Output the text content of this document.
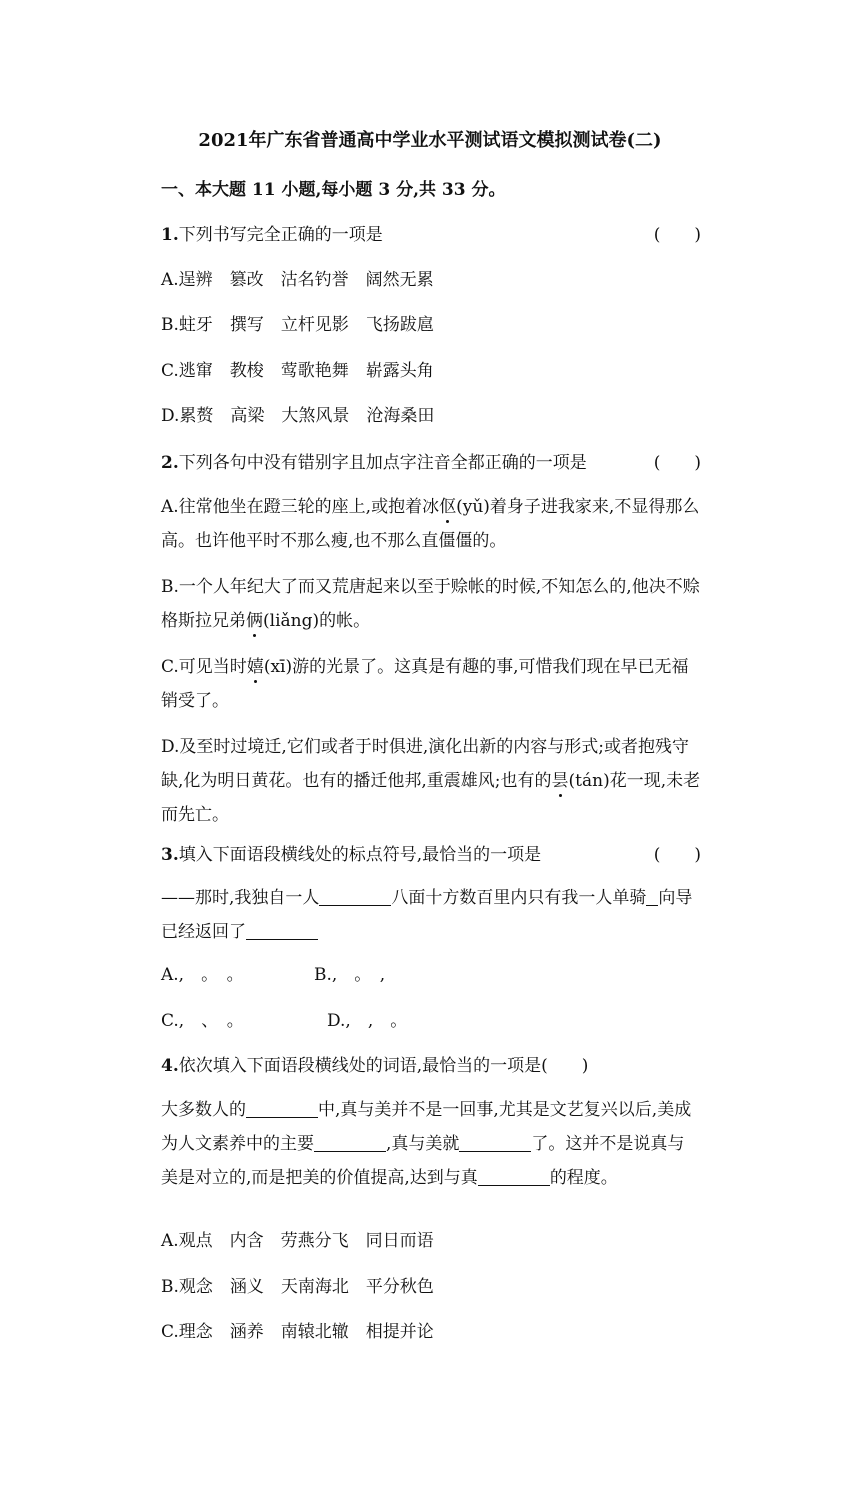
2021年广东省普通高中学业水平测试语文模拟测试卷(二)
一、本大题 11 小题,每小题 3 分,共 33 分。
1.下列书写完全正确的一项是	(　　)
A.逞辨　篡改　沽名钓誉　阔然无累
B.蛀牙　撰写　立杆见影　飞扬跋扈
C.逃窜　教梭　莺歌艳舞　崭露头角
D.累赘　高梁　大煞风景　沧海桑田
2.下列各句中没有错别字且加点字注音全都正确的一项是	(　　)
A.往常他坐在蹬三轮的座上,或抱着冰伛(yǔ)着身子进我家来,不显得那么高。也许他平时不那么瘦,也不那么直僵僵的。
B.一个人年纪大了而又荒唐起来以至于赊帐的时候,不知怎么的,他决不赊格斯拉兄弟俩(liǎng)的帐。
C.可见当时嬉(xī)游的光景了。这真是有趣的事,可惜我们现在早已无福销受了。
D.及至时过境迁,它们或者于时俱进,演化出新的内容与形式;或者抱残守缺,化为明日黄花。也有的播迁他邦,重震雄风;也有的昙(tán)花一现,未老而先亡。
3.填入下面语段横线处的标点符号,最恰当的一项是	(　　)
——那时,我独自一人	八面十方数百里内只有我一人单骑 向导已经返回了
A.,　。　。	B.,　。　,
C.,　、　。	D.,　,　。
4.依次填入下面语段横线处的词语,最恰当的一项是(　　)
大多数人的	中,真与美并不是一回事,尤其是文艺复兴以后,美成为人文素养中的主要	,真与美就	了。这并不是说真与美是对立的,而是把美的价值提高,达到与真	的程度。
A.观点　内含　劳燕分飞　同日而语
B.观念　涵义　天南海北　平分秋色
C.理念　涵养　南辕北辙　相提并论
